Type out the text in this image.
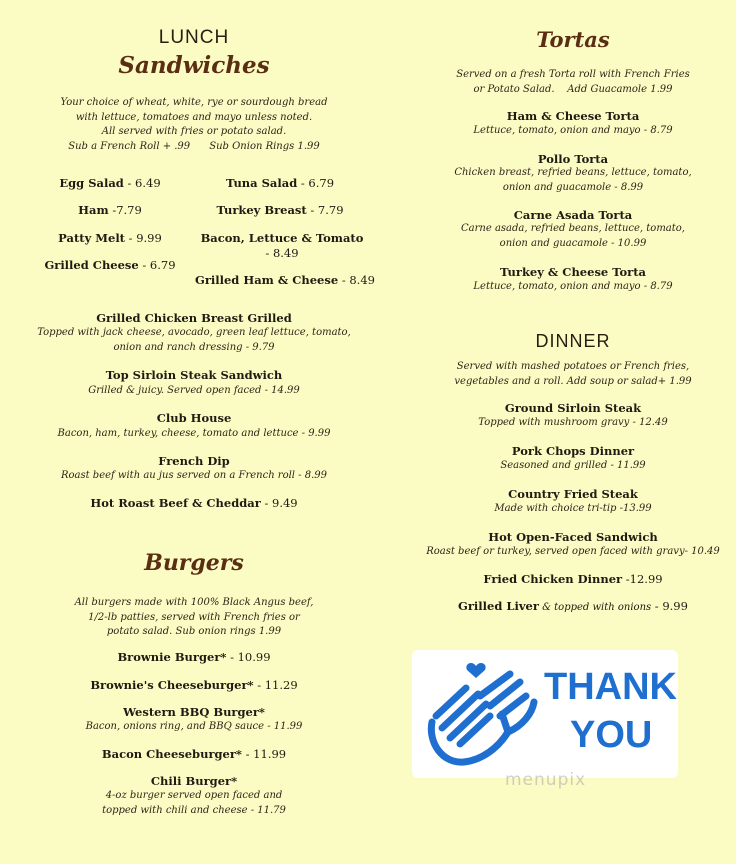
LUNCH
Sandwiches
Your choice of wheat, white, rye or sourdough bread
with lettuce, tomatoes and mayo unless noted.
All served with fries or potato salad.
Sub a French Roll + .99      Sub Onion Rings 1.99
Egg Salad - 6.49	Tuna Salad - 6.79
Ham -7.79	Turkey Breast - 7.79
Patty Melt - 9.99	Bacon, Lettuce & Tomato
- 8.49
Grilled Cheese - 6.79
Grilled Ham & Cheese - 8.49
Grilled Chicken Breast Grilled
Topped with jack cheese, avocado, green leaf lettuce, tomato,
onion and ranch dressing - 9.79
Top Sirloin Steak Sandwich
Grilled & juicy. Served open faced - 14.99
Club House
Bacon, ham, turkey, cheese, tomato and lettuce - 9.99
French Dip
Roast beef with au jus served on a French roll - 8.99
Hot Roast Beef & Cheddar - 9.49
Burgers
All burgers made with 100% Black Angus beef,
1/2-lb patties, served with French fries or
potato salad. Sub onion rings 1.99
Brownie Burger* - 10.99
Brownie's Cheeseburger* - 11.29
Western BBQ Burger*
Bacon, onions ring, and BBQ sauce - 11.99
Bacon Cheeseburger* - 11.99
Chili Burger*
4-oz burger served open faced and
topped with chili and cheese - 11.79
Tortas
Served on a fresh Torta roll with French Fries
or Potato Salad.    Add Guacamole 1.99
Ham & Cheese Torta
Lettuce, tomato, onion and mayo - 8.79
Pollo Torta
Chicken breast, refried beans, lettuce, tomato,
onion and guacamole - 8.99
Carne Asada Torta
Carne asada, refried beans, lettuce, tomato,
onion and guacamole - 10.99
Turkey & Cheese Torta
Lettuce, tomato, onion and mayo - 8.79
DINNER
Served with mashed potatoes or French fries,
vegetables and a roll. Add soup or salad+ 1.99
Ground Sirloin Steak
Topped with mushroom gravy - 12.49
Pork Chops Dinner
Seasoned and grilled - 11.99
Country Fried Steak
Made with choice tri-tip -13.99
Hot Open-Faced Sandwich
Roast beef or turkey, served open faced with gravy- 10.49
Fried Chicken Dinner -12.99
Grilled Liver & topped with onions - 9.99
THANK
YOU
menupix
